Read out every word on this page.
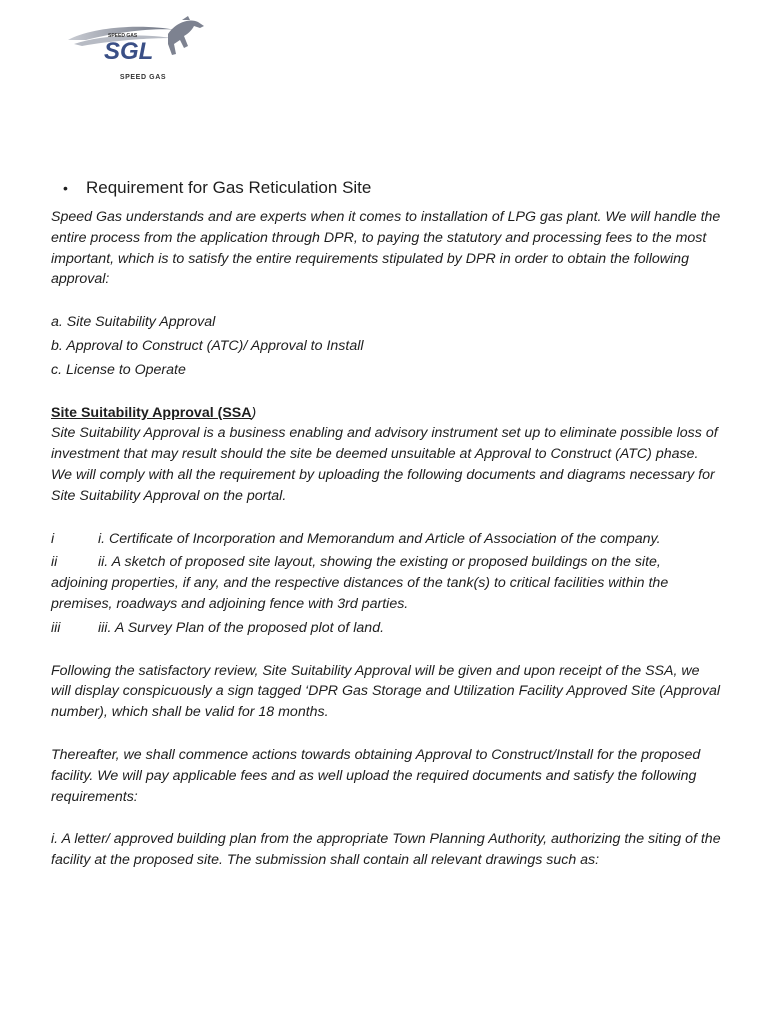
SPEED GAS
SGL
SPEED GAS
•	Requirement for Gas Reticulation Site

Speed Gas understands and are experts when it comes to installation of LPG gas plant. We will handle the entire process from the application through DPR, to paying the statutory and processing fees to the most important, which is to satisfy the entire requirements stipulated by DPR in order to obtain the following approval:

a. Site Suitability Approval

b. Approval to Construct (ATC)/ Approval to Install

c. License to Operate

Site Suitability Approval (SSA)

Site Suitability Approval is a business enabling and advisory instrument set up to eliminate possible loss of investment that may result should the site be deemed unsuitable at Approval to Construct (ATC) phase. We will comply with all the requirement by uploading the following documents and diagrams necessary for Site Suitability Approval on the portal.

i	i. Certificate of Incorporation and Memorandum and Article of Association of the company.

ii	ii. A sketch of proposed site layout, showing the existing or proposed buildings on the site, adjoining properties, if any, and the respective distances of the tank(s) to critical facilities within the premises, roadways and adjoining fence with 3rd parties.

iii	iii. A Survey Plan of the proposed plot of land.

Following the satisfactory review, Site Suitability Approval will be given and upon receipt of the SSA, we will display conspicuously a sign tagged ‘DPR Gas Storage and Utilization Facility Approved Site (Approval number), which shall be valid for 18 months.

Thereafter, we shall commence actions towards obtaining Approval to Construct/Install for the proposed facility. We will pay applicable fees and as well upload the required documents and satisfy the following requirements:

i. A letter/ approved building plan from the appropriate Town Planning Authority, authorizing the siting of the facility at the proposed site. The submission shall contain all relevant drawings such as:
